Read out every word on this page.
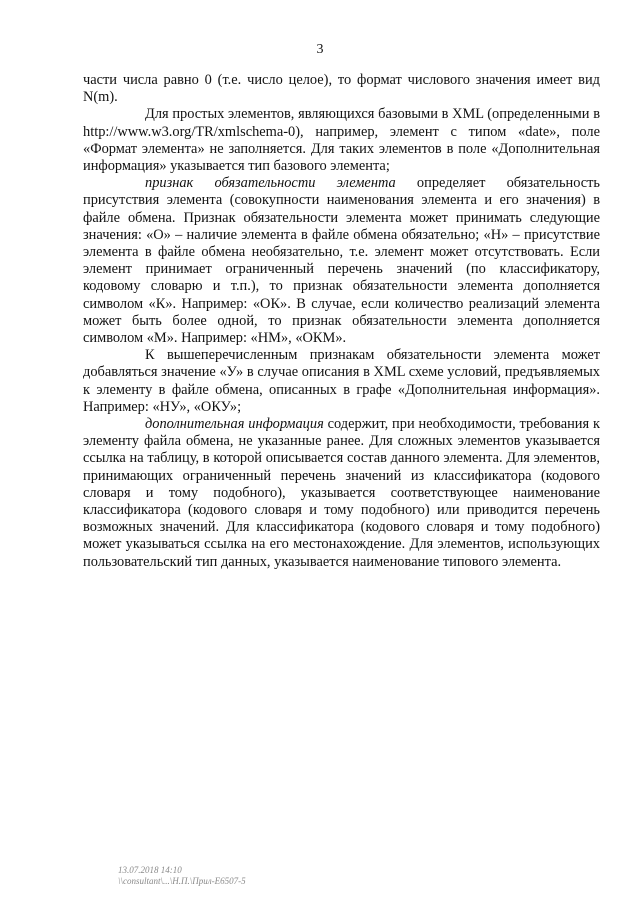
3

части числа равно 0 (т.е. число целое), то формат числового значения имеет вид N(m).

Для простых элементов, являющихся базовыми в XML (определенными в http://www.w3.org/TR/xmlschema-0), например, элемент с типом «date», поле «Формат элемента» не заполняется. Для таких элементов в поле «Дополнительная информация» указывается тип базового элемента;

признак обязательности элемента определяет обязательность присутствия элемента (совокупности наименования элемента и его значения) в файле обмена. Признак обязательности элемента может принимать следующие значения: «О» – наличие элемента в файле обмена обязательно; «Н» – присутствие элемента в файле обмена необязательно, т.е. элемент может отсутствовать. Если элемент принимает ограниченный перечень значений (по классификатору, кодовому словарю и т.п.), то признак обязательности элемента дополняется символом «К». Например: «ОК». В случае, если количество реализаций элемента может быть более одной, то признак обязательности элемента дополняется символом «М». Например: «НМ», «ОКМ».

К вышеперечисленным признакам обязательности элемента может добавляться значение «У» в случае описания в XML схеме условий, предъявляемых к элементу в файле обмена, описанных в графе «Дополнительная информация». Например: «НУ», «ОКУ»;

дополнительная информация содержит, при необходимости, требования к элементу файла обмена, не указанные ранее. Для сложных элементов указывается ссылка на таблицу, в которой описывается состав данного элемента. Для элементов, принимающих ограниченный перечень значений из классификатора (кодового словаря и тому подобного), указывается соответствующее наименование классификатора (кодового словаря и тому подобного) или приводится перечень возможных значений. Для классификатора (кодового словаря и тому подобного) может указываться ссылка на его местонахождение. Для элементов, использующих пользовательский тип данных, указывается наименование типового элемента.

13.07.2018 14:10
\\consultant\...\Н.П.\Прил-Е6507-5
